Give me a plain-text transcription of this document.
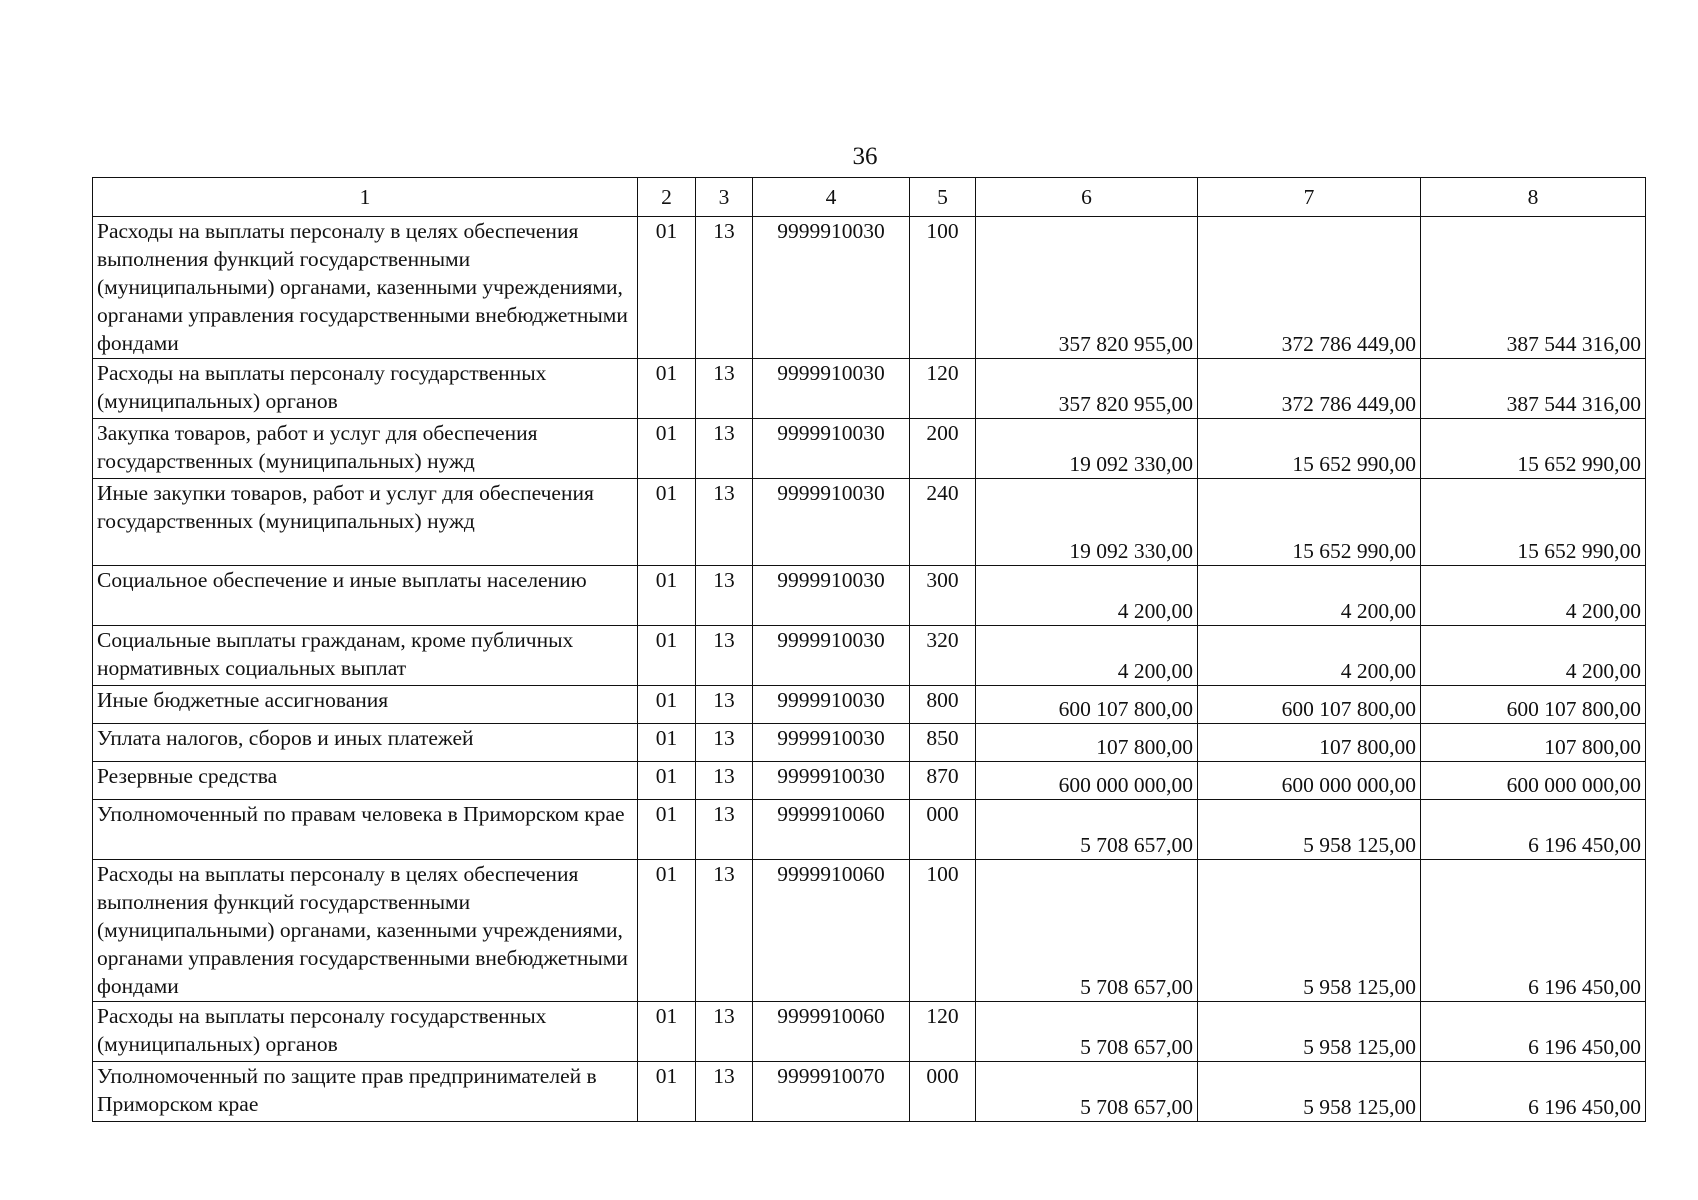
36
1	2	3	4	5	6	7	8
Расходы на выплаты персоналу в целях обеспечения выполнения функций государственными (муниципальными) органами, казенными учреждениями, органами управления государственными внебюджетными фондами	01	13	9999910030	100	357 820 955,00	372 786 449,00	387 544 316,00
Расходы на выплаты персоналу государственных (муниципальных) органов	01	13	9999910030	120	357 820 955,00	372 786 449,00	387 544 316,00
Закупка товаров, работ и услуг для обеспечения государственных (муниципальных) нужд	01	13	9999910030	200	19 092 330,00	15 652 990,00	15 652 990,00
Иные закупки товаров, работ и услуг для обеспечения государственных (муниципальных) нужд	01	13	9999910030	240	19 092 330,00	15 652 990,00	15 652 990,00
Социальное обеспечение и иные выплаты населению	01	13	9999910030	300	4 200,00	4 200,00	4 200,00
Социальные выплаты гражданам, кроме публичных нормативных социальных выплат	01	13	9999910030	320	4 200,00	4 200,00	4 200,00
Иные бюджетные ассигнования	01	13	9999910030	800	600 107 800,00	600 107 800,00	600 107 800,00
Уплата налогов, сборов и иных платежей	01	13	9999910030	850	107 800,00	107 800,00	107 800,00
Резервные средства	01	13	9999910030	870	600 000 000,00	600 000 000,00	600 000 000,00
Уполномоченный по правам человека в Приморском крае	01	13	9999910060	000	5 708 657,00	5 958 125,00	6 196 450,00
Расходы на выплаты персоналу в целях обеспечения выполнения функций государственными (муниципальными) органами, казенными учреждениями, органами управления государственными внебюджетными фондами	01	13	9999910060	100	5 708 657,00	5 958 125,00	6 196 450,00
Расходы на выплаты персоналу государственных (муниципальных) органов	01	13	9999910060	120	5 708 657,00	5 958 125,00	6 196 450,00
Уполномоченный по защите прав предпринимателей в Приморском крае	01	13	9999910070	000	5 708 657,00	5 958 125,00	6 196 450,00
